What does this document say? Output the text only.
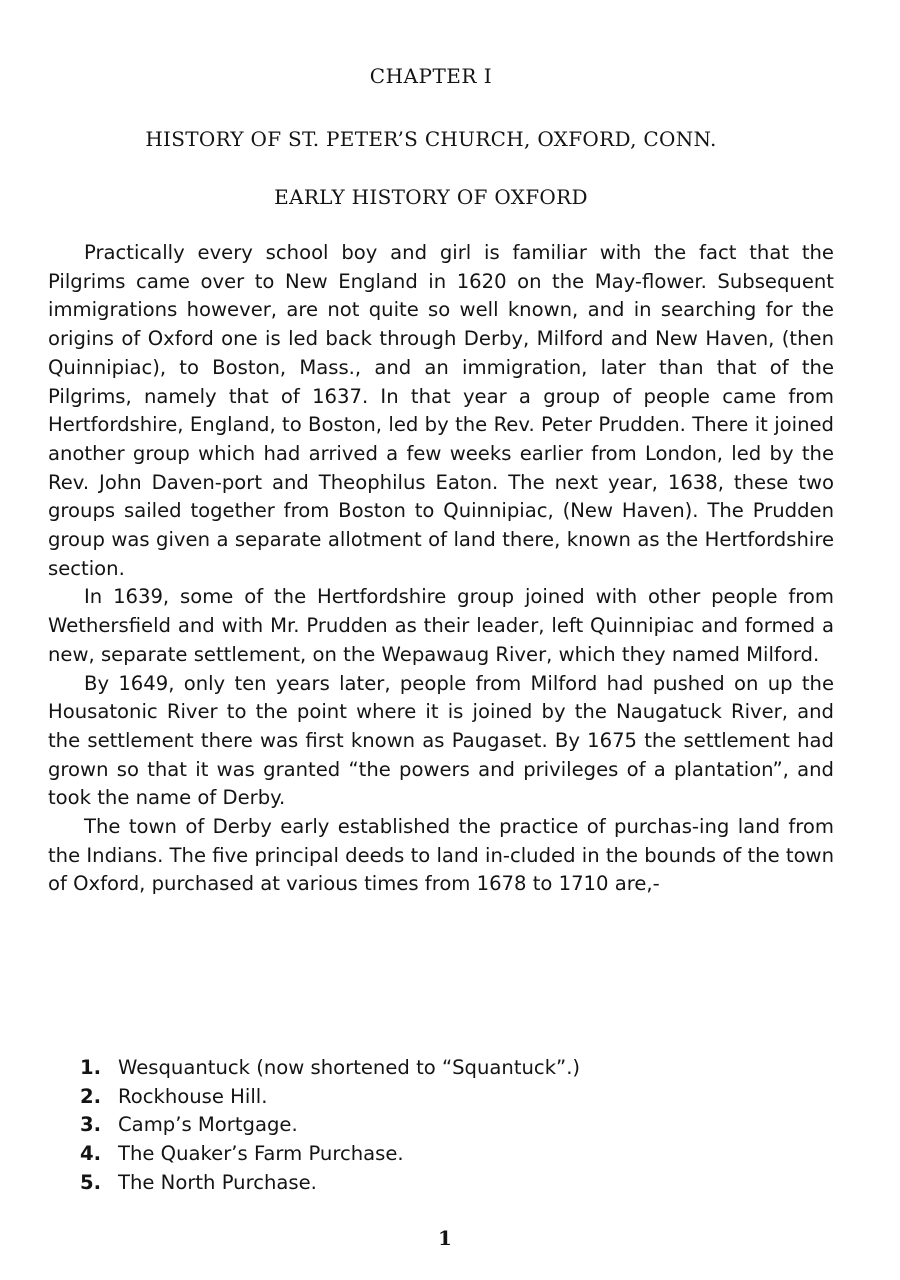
CHAPTER I
HISTORY OF ST. PETER’S CHURCH, OXFORD, CONN.
EARLY HISTORY OF OXFORD

Practically every school boy and girl is familiar with the fact that the Pilgrims came over to New England in 1620 on the May-flower. Subsequent immigrations however, are not quite so well known, and in searching for the origins of Oxford one is led back through Derby, Milford and New Haven, (then Quinnipiac), to Boston, Mass., and an immigration, later than that of the Pilgrims, namely that of 1637. In that year a group of people came from Hertfordshire, England, to Boston, led by the Rev. Peter Prudden. There it joined another group which had arrived a few weeks earlier from London, led by the Rev. John Daven-port and Theophilus Eaton. The next year, 1638, these two groups sailed together from Boston to Quinnipiac, (New Haven). The Prudden group was given a separate allotment of land there, known as the Hertfordshire section.

In 1639, some of the Hertfordshire group joined with other people from Wethersfield and with Mr. Prudden as their leader, left Quinnipiac and formed a new, separate settlement, on the Wepawaug River, which they named Milford.

By 1649, only ten years later, people from Milford had pushed on up the Housatonic River to the point where it is joined by the Naugatuck River, and the settlement there was first known as Paugaset. By 1675 the settlement had grown so that it was granted “the powers and privileges of a plantation”, and took the name of Derby.

The town of Derby early established the practice of purchas-ing land from the Indians. The five principal deeds to land in-cluded in the bounds of the town of Oxford, purchased at various times from 1678 to 1710 are,-

1. Wesquantuck (now shortened to “Squantuck”.)
2. Rockhouse Hill.
3. Camp’s Mortgage.
4. The Quaker’s Farm Purchase.
5. The North Purchase.
1
